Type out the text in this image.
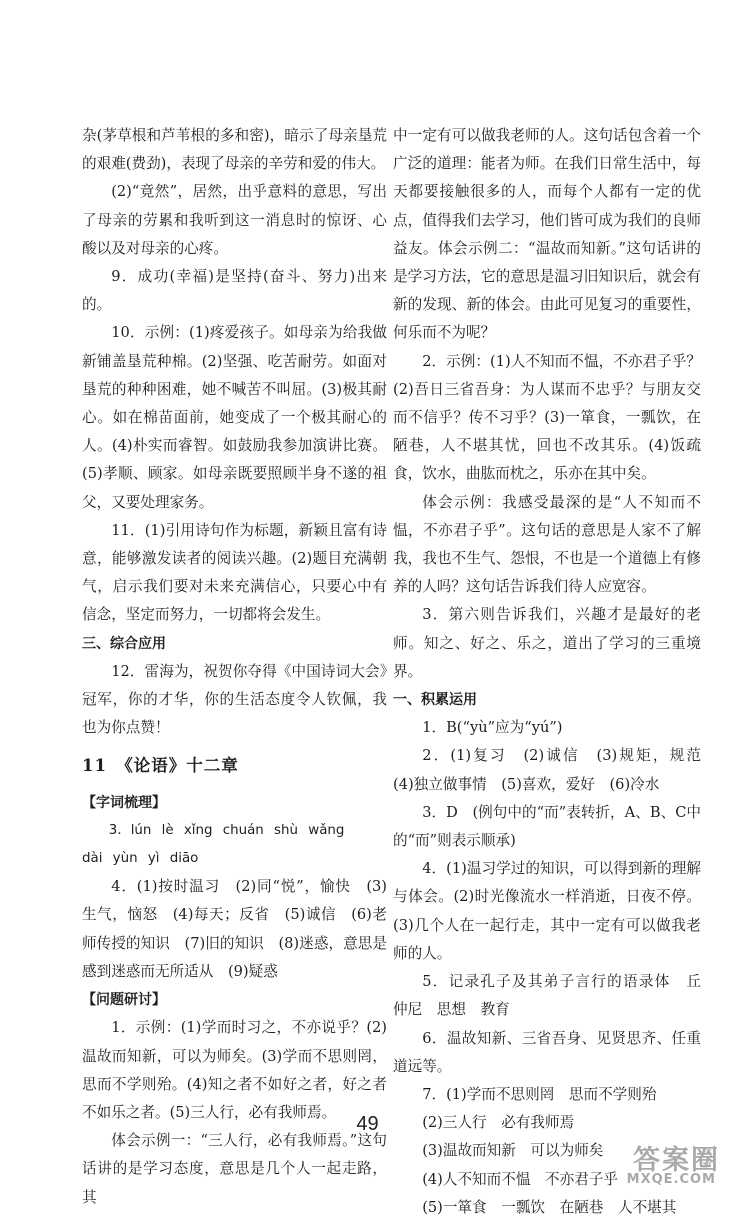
杂(茅草根和芦苇根的多和密)，暗示了母亲垦荒的艰难(费劲)，表现了母亲的辛劳和爱的伟大。

(2)“竟然”，居然，出乎意料的意思，写出了母亲的劳累和我听到这一消息时的惊讶、心酸以及对母亲的心疼。

9．成功(幸福)是坚持(奋斗、努力)出来的。

10．示例：(1)疼爱孩子。如母亲为给我做新铺盖垦荒种棉。(2)坚强、吃苦耐劳。如面对垦荒的种种困难，她不喊苦不叫屈。(3)极其耐心。如在棉苗面前，她变成了一个极其耐心的人。(4)朴实而睿智。如鼓励我参加演讲比赛。(5)孝顺、顾家。如母亲既要照顾半身不遂的祖父，又要处理家务。

11．(1)引用诗句作为标题，新颖且富有诗意，能够激发读者的阅读兴趣。(2)题目充满朝气，启示我们要对未来充满信心，只要心中有信念，坚定而努力，一切都将会发生。

三、综合应用

12．雷海为，祝贺你夺得《中国诗词大会》冠军，你的才华，你的生活态度令人钦佩，我也为你点赞！

11　《论语》十二章

【字词梳理】

3．lún lè xǐng chuán shù wǎng

dài yùn yì diāo

4．(1)按时温习　(2)同“悦”，愉快　(3)生气，恼怒　(4)每天；反省　(5)诚信　(6)老师传授的知识　(7)旧的知识　(8)迷惑，意思是感到迷惑而无所适从　(9)疑惑

【问题研讨】

1．示例：(1)学而时习之，不亦说乎？(2)温故而知新，可以为师矣。(3)学而不思则罔，思而不学则殆。(4)知之者不如好之者，好之者不如乐之者。(5)三人行，必有我师焉。

体会示例一：“三人行，必有我师焉。”这句话讲的是学习态度，意思是几个人一起走路，其

中一定有可以做我老师的人。这句话包含着一个广泛的道理：能者为师。在我们日常生活中，每天都要接触很多的人，而每个人都有一定的优点，值得我们去学习，他们皆可成为我们的良师益友。体会示例二：“温故而知新。”这句话讲的是学习方法，它的意思是温习旧知识后，就会有新的发现、新的体会。由此可见复习的重要性，何乐而不为呢？

2．示例：(1)人不知而不愠，不亦君子乎？(2)吾日三省吾身：为人谋而不忠乎？与朋友交而不信乎？传不习乎？(3)一箪食，一瓢饮，在陋巷，人不堪其忧，回也不改其乐。(4)饭疏食，饮水，曲肱而枕之，乐亦在其中矣。

体会示例：我感受最深的是“人不知而不愠，不亦君子乎”。这句话的意思是人家不了解我，我也不生气、怨恨，不也是一个道德上有修养的人吗？这句话告诉我们待人应宽容。

3．第六则告诉我们，兴趣才是最好的老师。知之、好之、乐之，道出了学习的三重境界。

一、积累运用

1．B(“yù”应为“yú”)

2．(1)复习　(2)诚信　(3)规矩，规范　(4)独立做事情　(5)喜欢，爱好　(6)冷水

3．D　(例句中的“而”表转折，A、B、C中的“而”则表示顺承)

4．(1)温习学过的知识，可以得到新的理解与体会。(2)时光像流水一样消逝，日夜不停。(3)几个人在一起行走，其中一定有可以做我老师的人。

5．记录孔子及其弟子言行的语录体　丘　仲尼　思想　教育

6．温故知新、三省吾身、见贤思齐、任重道远等。

7．(1)学而不思则罔　思而不学则殆

(2)三人行　必有我师焉

(3)温故而知新　可以为师矣

(4)人不知而不愠　不亦君子乎

(5)一箪食　一瓢饮　在陋巷　人不堪其

49
答案圈
MXQE.COM
